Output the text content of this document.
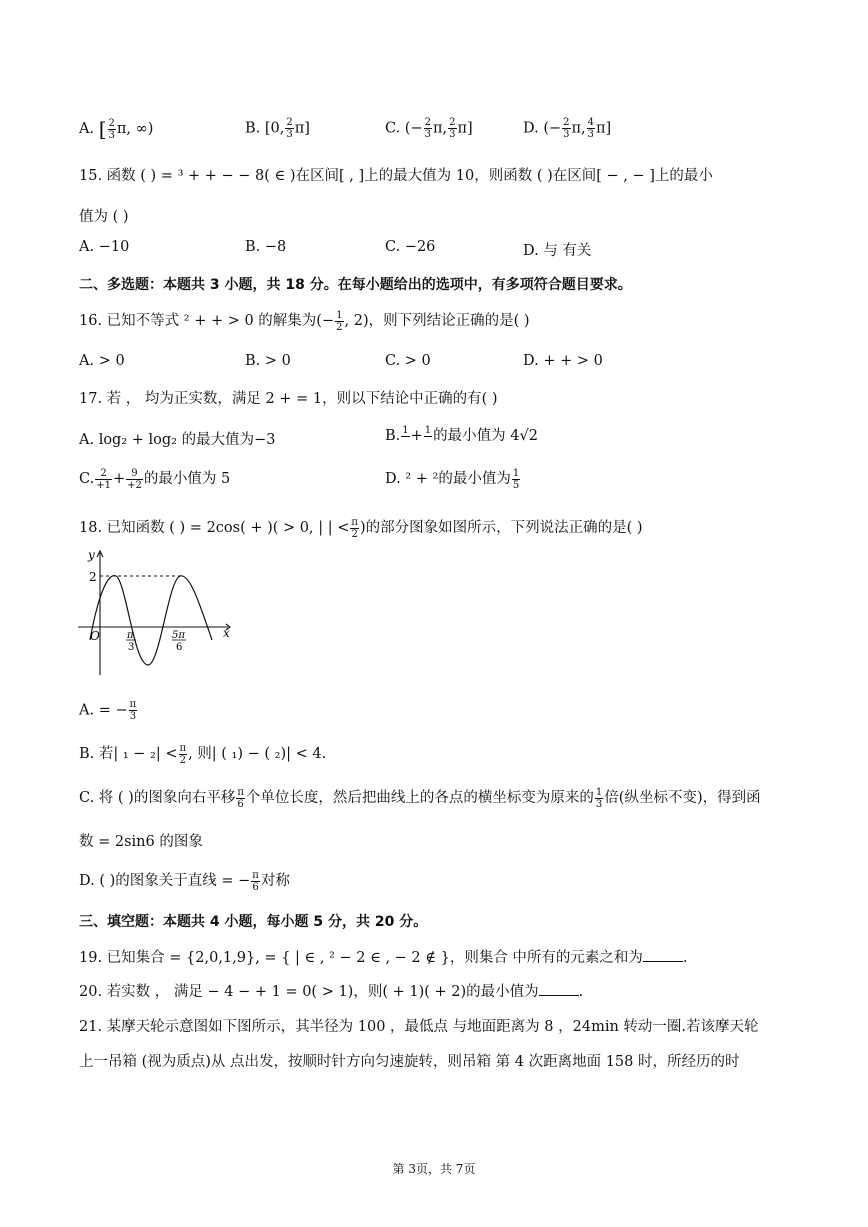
A. [ $\frac{2}{3} \pi$, ∞)	B. [0, $\frac{2}{3} \pi$]	C. (− $\frac{2}{3} \pi$, $\frac{2}{3} \pi$]	D. (− $\frac{2}{3} \pi$, $\frac{4}{3} \pi$]
15. 函数 ( ) = ³ + + − − 8( ∈ )在区间[ , ]上的最大值为 10，则函数 ( )在区间[ − , − ]上的最小
值为 ( )
A. −10	B. −8	C. −26	D. 与 有关
二、多选题：本题共 3 小题，共 18 分。在每小题给出的选项中，有多项符合题目要求。
16. 已知不等式 ² + + > 0 的解集为(− $\frac{1}{2}$ , 2)，则下列结论正确的是( )
A. > 0	B. > 0	C. > 0	D. + + > 0
17. 若 ， 均为正实数，满足 2 + = 1，则以下结论中正确的有( )
A. log₂ + log₂ 的最大值为−3	B. 1 + 1 的最小值为 4√2
C. $\frac{2}{+1} + \frac{9}{+2}$ 的最小值为 5	D. ² + ²的最小值为 $\frac{1}{5}$
18. 已知函数 ( ) = 2cos( + )( > 0, | | < $\frac{\pi}{2}$ )的部分图象如图所示，下列说法正确的是( )
y
x
O
2
π
3
5π
6
A. = − $\frac{\pi}{3}$
B. 若| $_1 - _2| < \frac{\pi}{2}$ , 则| ( ₁) − ( ₂)| < 4.
C. 将 ( )的图象向右平移 $\frac{\pi}{6}$ 个单位长度，然后把曲线上的各点的横坐标变为原来的 $\frac{1}{3}$ 倍(纵坐标不变)，得到函
数 = 2sin6 的图象
D. ( )的图象关于直线 = − $\frac{\pi}{6}$ 对称
三、填空题：本题共 4 小题，每小题 5 分，共 20 分。
19. 已知集合 = {2,0,1,9}, = { | ∈ , ² − 2 ∈ , − 2 ∉ }，则集合 中所有的元素之和为	.
20. 若实数 ， 满足 − 4 − + 1 = 0( > 1)，则( + 1)( + 2)的最小值为	.
21. 某摩天轮示意图如下图所示，其半径为 100 ，最低点 与地面距离为 8 ，24min 转动一圈.若该摩天轮
上一吊箱 (视为质点)从 点出发，按顺时针方向匀速旋转，则吊箱 第 4 次距离地面 158 时，所经历的时
第 3页，共 7页
